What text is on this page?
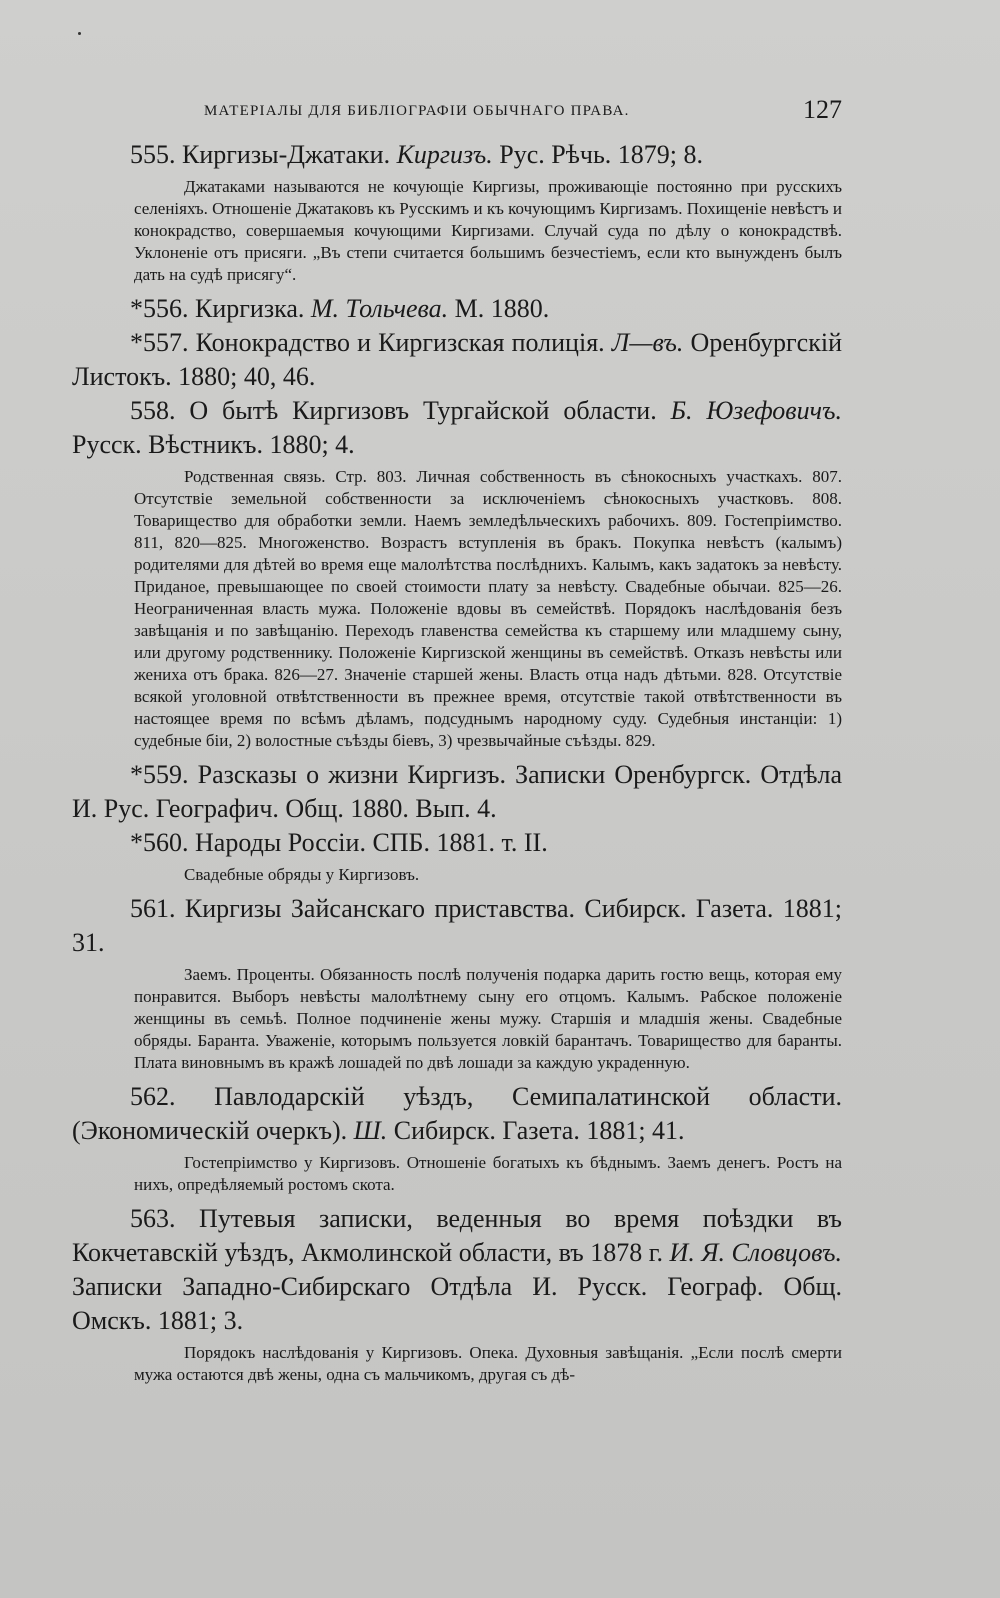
МАТЕРІАЛЫ ДЛЯ БИБЛІОГРАФІИ ОБЫЧНАГО ПРАВА.	127

555. Киргизы-Джатаки. Киргизъ. Рус. Рѣчь. 1879; 8.

Джатаками называются не кочующіе Киргизы, проживающіе постоянно при русскихъ селеніяхъ. Отношеніе Джатаковъ къ Русскимъ и къ кочующимъ Киргизамъ. Похищеніе невѣстъ и конокрадство, совершаемыя кочующими Киргизами. Случай суда по дѣлу о конокрадствѣ. Уклоненіе отъ присяги. „Въ степи считается большимъ безчестіемъ, если кто вынужденъ былъ дать на судѣ присягу“.

*556. Киргизка. М. Тольчева. М. 1880.

*557. Конокрадство и Киргизская полиція. Л—въ. Оренбургскій Листокъ. 1880; 40, 46.

558. О бытѣ Киргизовъ Тургайской области. Б. Юзефовичъ. Русск. Вѣстникъ. 1880; 4.

Родственная связь. Стр. 803. Личная собственность въ сѣнокосныхъ участкахъ. 807. Отсутствіе земельной собственности за исключеніемъ сѣнокосныхъ участковъ. 808. Товарищество для обработки земли. Наемъ земледѣльческихъ рабочихъ. 809. Гостепріимство. 811, 820—825. Многоженство. Возрастъ вступленія въ бракъ. Покупка невѣстъ (калымъ) родителями для дѣтей во время еще малолѣтства послѣднихъ. Калымъ, какъ задатокъ за невѣсту. Приданое, превышающее по своей стоимости плату за невѣсту. Свадебные обычаи. 825—26. Неограниченная власть мужа. Положеніе вдовы въ семействѣ. Порядокъ наслѣдованія безъ завѣщанія и по завѣщанію. Переходъ главенства семейства къ старшему или младшему сыну, или другому родственнику. Положеніе Киргизской женщины въ семействѣ. Отказъ невѣсты или жениха отъ брака. 826—27. Значеніе старшей жены. Власть отца надъ дѣтьми. 828. Отсутствіе всякой уголовной отвѣтственности въ прежнее время, отсутствіе такой отвѣтственности въ настоящее время по всѣмъ дѣламъ, подсуднымъ народному суду. Судебныя инстанціи: 1) судебные біи, 2) волостные съѣзды біевъ, 3) чрезвычайные съѣзды. 829.

*559. Разсказы о жизни Киргизъ. Записки Оренбургск. Отдѣла И. Рус. Географич. Общ. 1880. Вып. 4.

*560. Народы Россіи. СПБ. 1881. т. II.

Свадебные обряды у Киргизовъ.

561. Киргизы Зайсанскаго приставства. Сибирск. Газета. 1881; 31.

Заемъ. Проценты. Обязанность послѣ полученія подарка дарить гостю вещь, которая ему понравится. Выборъ невѣсты малолѣтнему сыну его отцомъ. Калымъ. Рабское положеніе женщины въ семьѣ. Полное подчиненіе жены мужу. Старшія и младшія жены. Свадебные обряды. Баранта. Уваженіе, которымъ пользуется ловкій барантачъ. Товарищество для баранты. Плата виновнымъ въ кражѣ лошадей по двѣ лошади за каждую украденную.

562. Павлодарскій уѣздъ, Семипалатинской области. (Экономическій очеркъ). Ш. Сибирск. Газета. 1881; 41.

Гостепріимство у Киргизовъ. Отношеніе богатыхъ къ бѣднымъ. Заемъ денегъ. Ростъ на нихъ, опредѣляемый ростомъ скота.

563. Путевыя записки, веденныя во время поѣздки въ Кокчетавскій уѣздъ, Акмолинской области, въ 1878 г. И. Я. Словцовъ. Записки Западно-Сибирскаго Отдѣла И. Русск. Географ. Общ. Омскъ. 1881; 3.

Порядокъ наслѣдованія у Киргизовъ. Опека. Духовныя завѣщанія. „Если послѣ смерти мужа остаются двѣ жены, одна съ мальчикомъ, другая съ дѣ-
